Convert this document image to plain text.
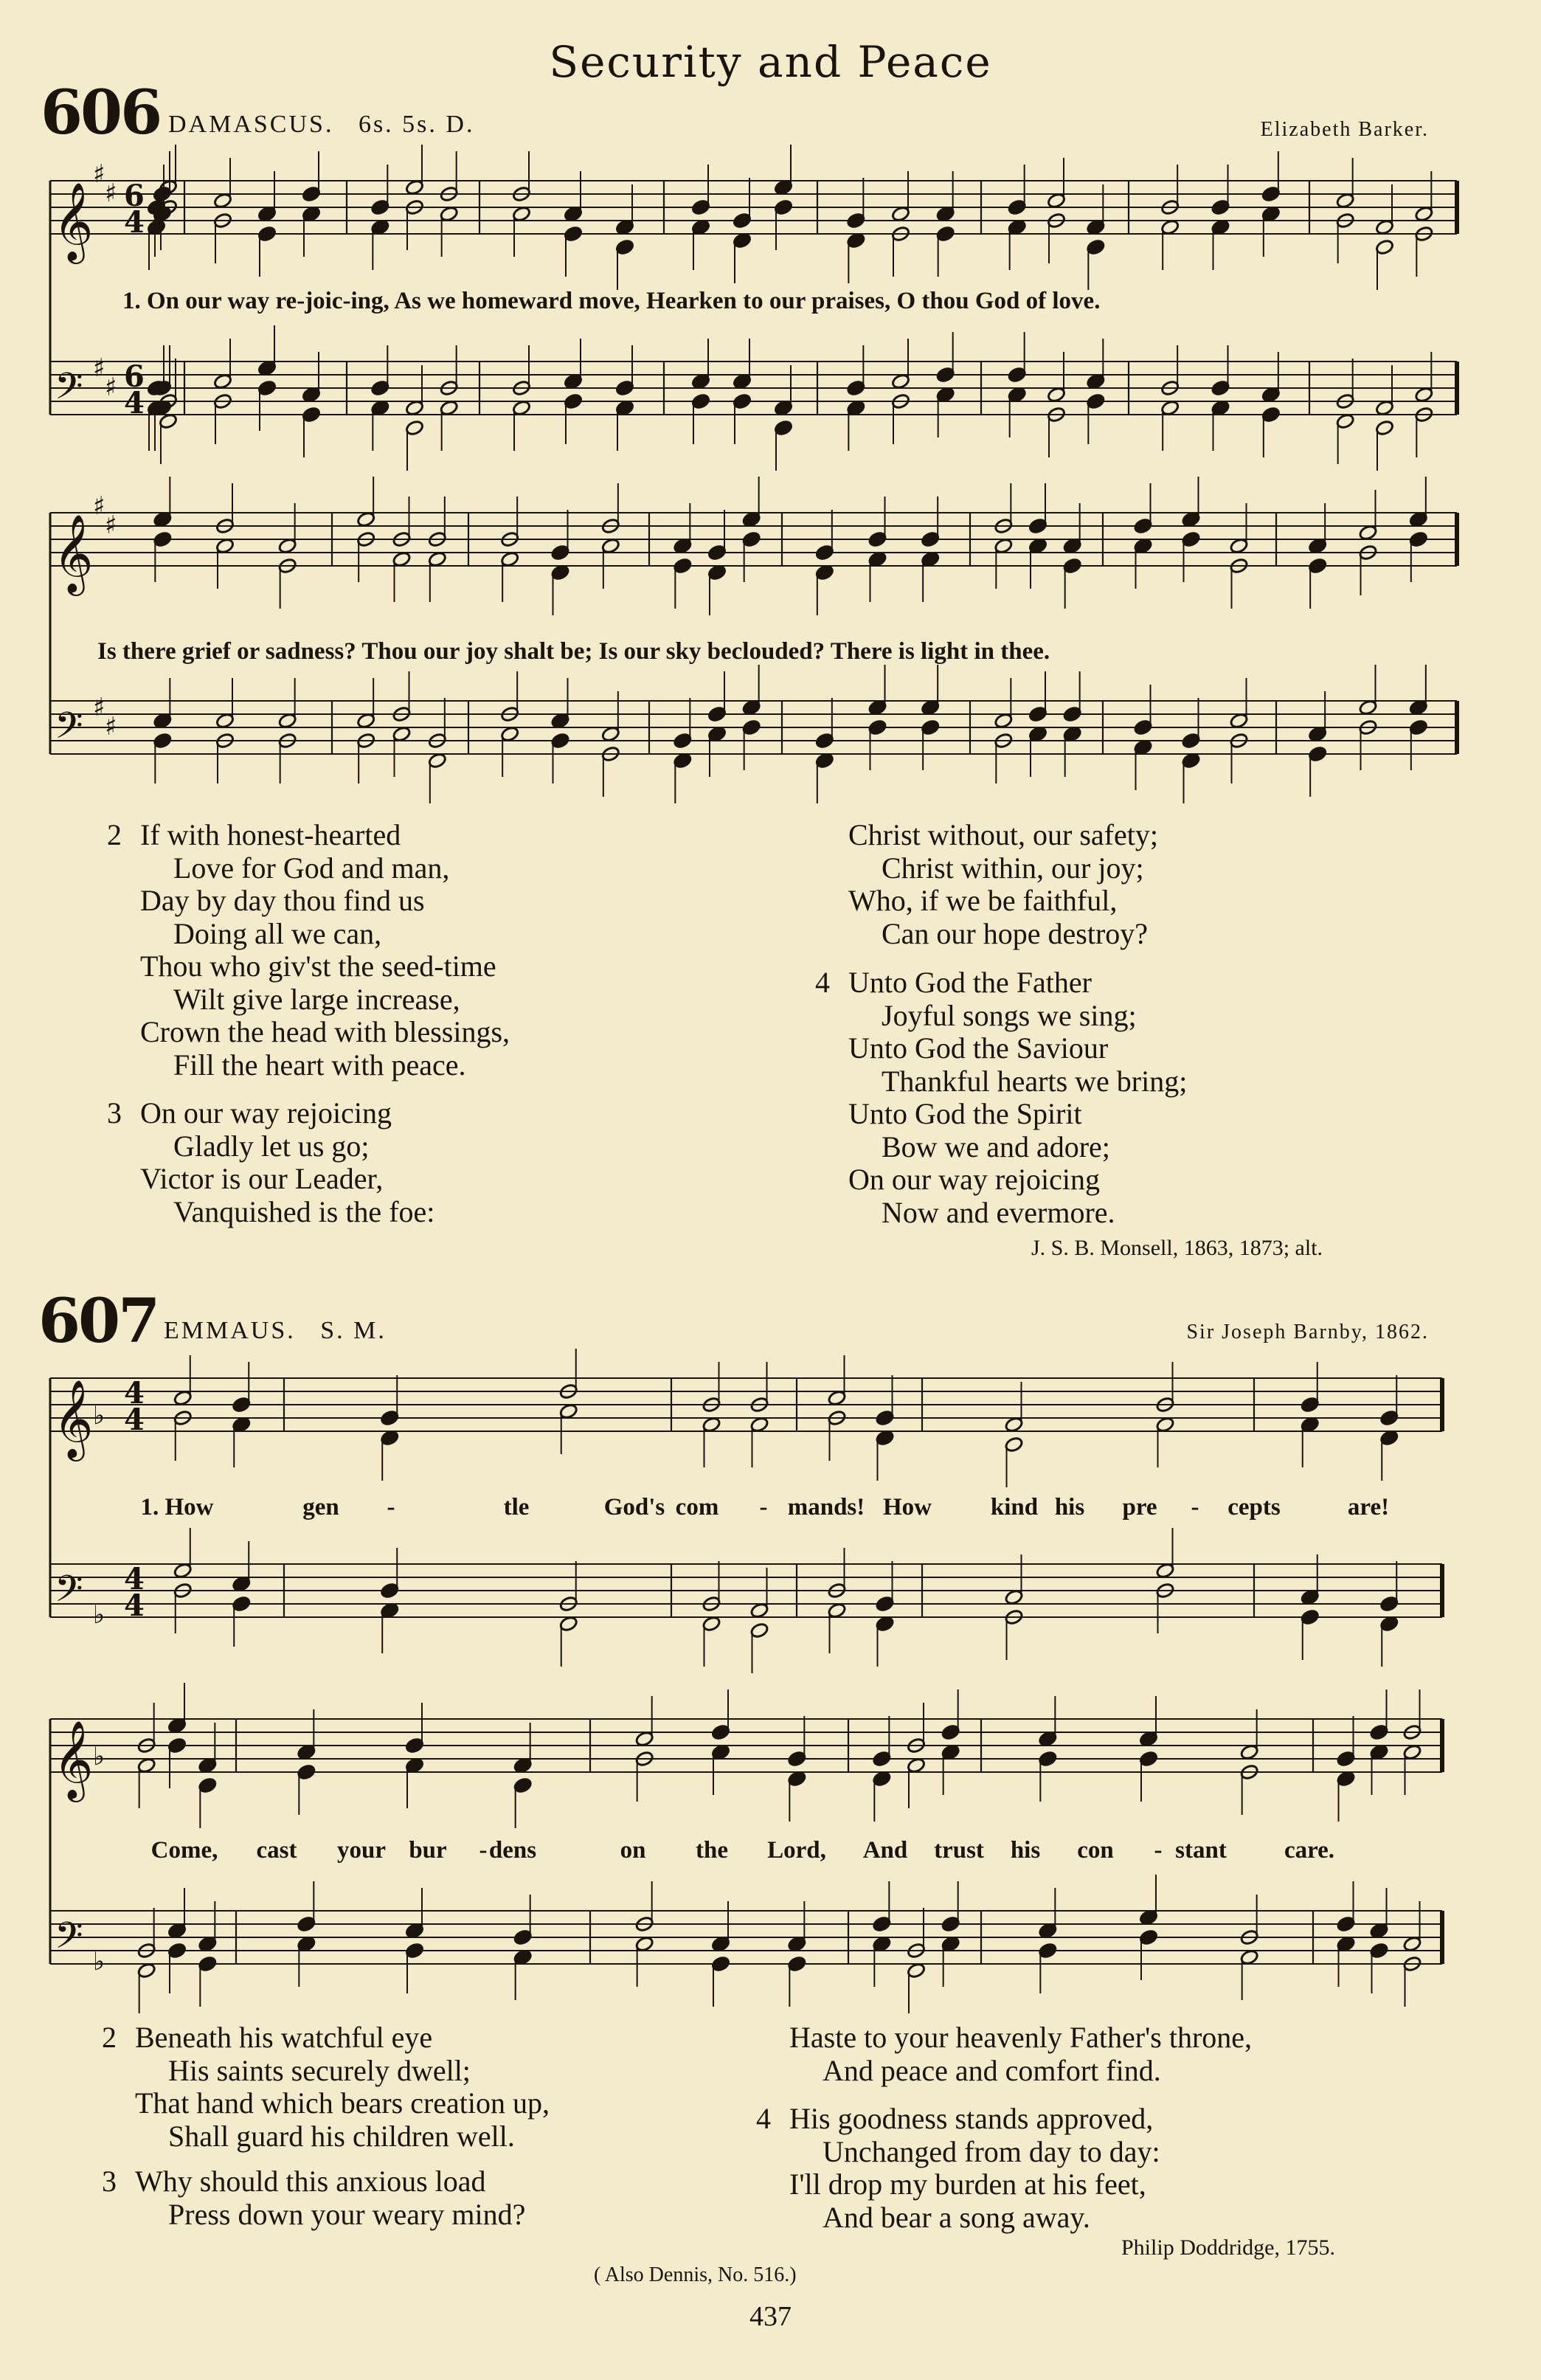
Security and Peace
606 DAMASCUS. 6s. 5s. D.	Elizabeth Barker.
𝄞
𝄢
♯
♯
♯
♯
6
4
6
4
𝄞
𝄢
♯
♯
♯
♯
𝄞
𝄢
♭
♭
4
4
4
4
𝄞
𝄢
♭
♭
1. On our way re-joic-ing, As we homeward move, Hearken to our praises, O thou God of love.
Is there grief or sadness? Thou our joy shalt be; Is our sky beclouded? There is light in thee.
2 If with honest-hearted
Love for God and man,
Day by day thou find us
Doing all we can,
Thou who giv'st the seed-time
Wilt give large increase,
Crown the head with blessings,
Fill the heart with peace.
3 On our way rejoicing
Gladly let us go;
Victor is our Leader,
Vanquished is the foe:
Christ without, our safety;
Christ within, our joy;
Who, if we be faithful,
Can our hope destroy?
4 Unto God the Father
Joyful songs we sing;
Unto God the Saviour
Thankful hearts we bring;
Unto God the Spirit
Bow we and adore;
On our way rejoicing
Now and evermore.
J. S. B. Monsell, 1863, 1873; alt.
607 EMMAUS. S. M.	Sir Joseph Barnby, 1862.
1. How	gen -	tle	God's com - mands! How kind his pre - cepts	are!
Come, cast your bur - dens	on the Lord, And trust his con - stant care.
2 Beneath his watchful eye
His saints securely dwell;
That hand which bears creation up,
Shall guard his children well.
3 Why should this anxious load
Press down your weary mind?
Haste to your heavenly Father's throne,
And peace and comfort find.
4 His goodness stands approved,
Unchanged from day to day:
I'll drop my burden at his feet,
And bear a song away.
Philip Doddridge, 1755.
( Also Dennis, No. 516.)
437
